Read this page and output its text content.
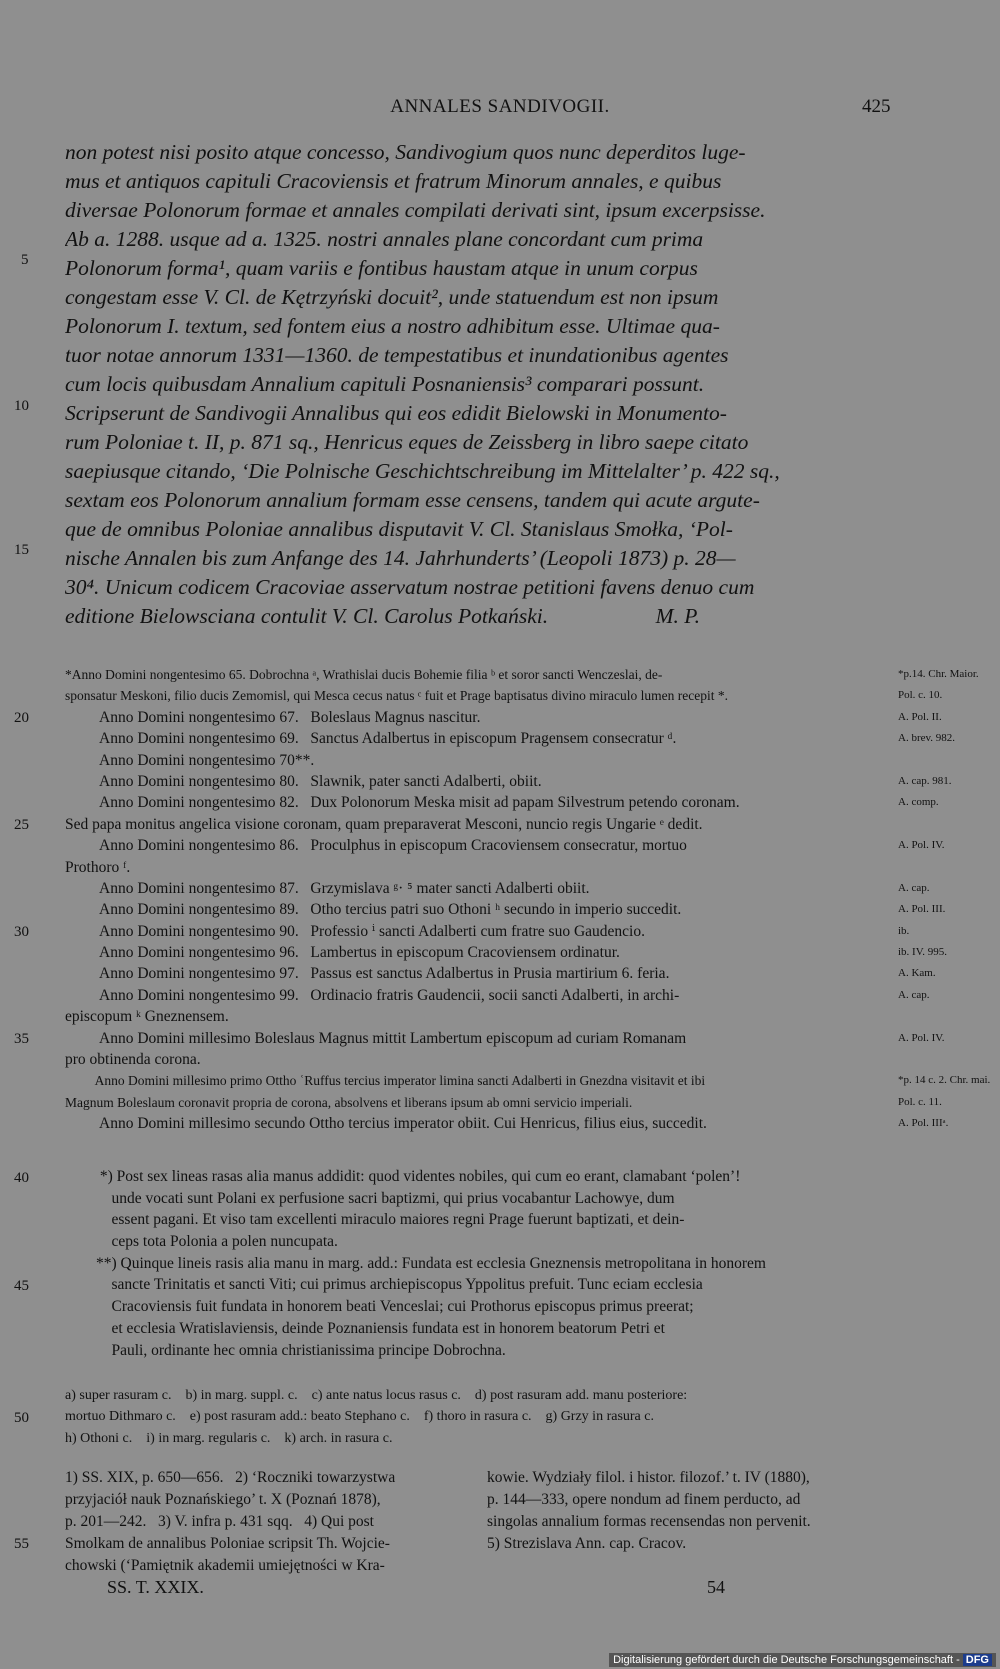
ANNALES SANDIVOGII.	425
non potest nisi posito atque concesso, Sandivogium quos nunc deperditos luge-
mus et antiquos capituli Cracoviensis et fratrum Minorum annales, e quibus
diversae Polonorum formae et annales compilati derivati sint, ipsum excerpsisse.
Ab a. 1288. usque ad a. 1325. nostri annales plane concordant cum prima
Polonorum forma¹, quam variis e fontibus haustam atque in unum corpus
congestam esse V. Cl. de Kętrzyński docuit², unde statuendum est non ipsum
Polonorum I. textum, sed fontem eius a nostro adhibitum esse. Ultimae qua-
tuor notae annorum 1331—1360. de tempestatibus et inundationibus agentes
cum locis quibusdam Annalium capituli Posnaniensis³ comparari possunt.
Scripserunt de Sandivogii Annalibus qui eos edidit Bielowski in Monumento-
rum Poloniae t. II, p. 871 sq., Henricus eques de Zeissberg in libro saepe citato
saepiusque citando, ‘Die Polnische Geschichtschreibung im Mittelalter’ p. 422 sq.,
sextam eos Polonorum annalium formam esse censens, tandem qui acute argute-
que de omnibus Poloniae annalibus disputavit V. Cl. Stanislaus Smołka, ‘Pol-
nische Annalen bis zum Anfange des 14. Jahrhunderts’ (Leopoli 1873) p. 28—
30⁴. Unicum codicem Cracoviae asservatum nostrae petitioni favens denuo cum
editione Bielowsciana contulit V. Cl. Carolus Potkański.                    M. P.
5
10
15
*Anno Domini nongentesimo 65. Dobrochna ᵃ, Wrathislai ducis Bohemie filia ᵇ et soror sancti Wenczeslai, de-
sponsatur Meskoni, filio ducis Zemomisl, qui Mesca cecus natus ᶜ fuit et Prage baptisatus divino miraculo lumen recepit *.
Anno Domini nongentesimo 67.   Boleslaus Magnus nascitur.
Anno Domini nongentesimo 69.   Sanctus Adalbertus in episcopum Pragensem consecratur ᵈ.
Anno Domini nongentesimo 70**.
Anno Domini nongentesimo 80.   Slawnik, pater sancti Adalberti, obiit.
Anno Domini nongentesimo 82.   Dux Polonorum Meska misit ad papam Silvestrum petendo coronam.
Sed papa monitus angelica visione coronam, quam preparaverat Mesconi, nuncio regis Ungarie ᵉ dedit.
Anno Domini nongentesimo 86.   Proculphus in episcopum Cracoviensem consecratur, mortuo
Prothoro ᶠ.
Anno Domini nongentesimo 87.   Grzymislava ᵍ· ⁵ mater sancti Adalberti obiit.
Anno Domini nongentesimo 89.   Otho tercius patri suo Othoni ʰ secundo in imperio succedit.
Anno Domini nongentesimo 90.   Professio ⁱ sancti Adalberti cum fratre suo Gaudencio.
Anno Domini nongentesimo 96.   Lambertus in episcopum Cracoviensem ordinatur.
Anno Domini nongentesimo 97.   Passus est sanctus Adalbertus in Prusia martirium 6. feria.
Anno Domini nongentesimo 99.   Ordinacio fratris Gaudencii, socii sancti Adalberti, in archi-
episcopum ᵏ Gneznensem.
Anno Domini millesimo Boleslaus Magnus mittit Lambertum episcopum ad curiam Romanam
pro obtinenda corona.
Anno Domini millesimo primo Ottho ʿRuffus tercius imperator limina sancti Adalberti in Gnezdna visitavit et ibi
Magnum Boleslaum coronavit propria de corona, absolvens et liberans ipsum ab omni servicio imperiali.
Anno Domini millesimo secundo Ottho tercius imperator obiit. Cui Henricus, filius eius, succedit.
*p.14. Chr. Maior.
Pol. c. 10.
A. Pol. II.
A. brev. 982.
A. cap. 981.
A. comp.
A. Pol. IV.
A. cap.
A. Pol. III.
ib.
ib. IV. 995.
A. Kam.
A. cap.
A. Pol. IV.
*p. 14 c. 2. Chr. mai.
Pol. c. 11.
A. Pol. IIIᵃ.
20
25
30
35
*) Post sex lineas rasas alia manus addidit: quod videntes nobiles, qui cum eo erant, clamabant ‘polen’!
unde vocati sunt Polani ex perfusione sacri baptizmi, qui prius vocabantur Lachowye, dum
essent pagani. Et viso tam excellenti miraculo maiores regni Prage fuerunt baptizati, et dein-
ceps tota Polonia a polen nuncupata.
**) Quinque lineis rasis alia manu in marg. add.: Fundata est ecclesia Gneznensis metropolitana in honorem
sancte Trinitatis et sancti Viti; cui primus archiepiscopus Yppolitus prefuit. Tunc eciam ecclesia
Cracoviensis fuit fundata in honorem beati Venceslai; cui Prothorus episcopus primus preerat;
et ecclesia Wratislaviensis, deinde Poznaniensis fundata est in honorem beatorum Petri et
Pauli, ordinante hec omnia christianissima principe Dobrochna.
40
45
a) super rasuram c.    b) in marg. suppl. c.    c) ante natus locus rasus c.    d) post rasuram add. manu posteriore:
mortuo Dithmaro c.    e) post rasuram add.: beato Stephano c.    f) thoro in rasura c.    g) Grzy in rasura c.
h) Othoni c.    i) in marg. regularis c.    k) arch. in rasura c.
50
1) SS. XIX, p. 650—656.   2) ‘Roczniki towarzystwa
przyjaciół nauk Poznańskiego’ t. X (Poznań 1878),
p. 201—242.   3) V. infra p. 431 sqq.   4) Qui post
Smolkam de annalibus Poloniae scripsit Th. Wojcie-
chowski (‘Pamiętnik akademii umiejętności w Kra-
kowie. Wydziały filol. i histor. filozof.’ t. IV (1880),
p. 144—333, opere nondum ad finem perducto, ad
singolas annalium formas recensendas non pervenit.
5) Strezislava Ann. cap. Cracov.
55
SS. T. XXIX.	54
Digitalisierung gefördert durch die Deutsche Forschungsgemeinschaft - DFG
